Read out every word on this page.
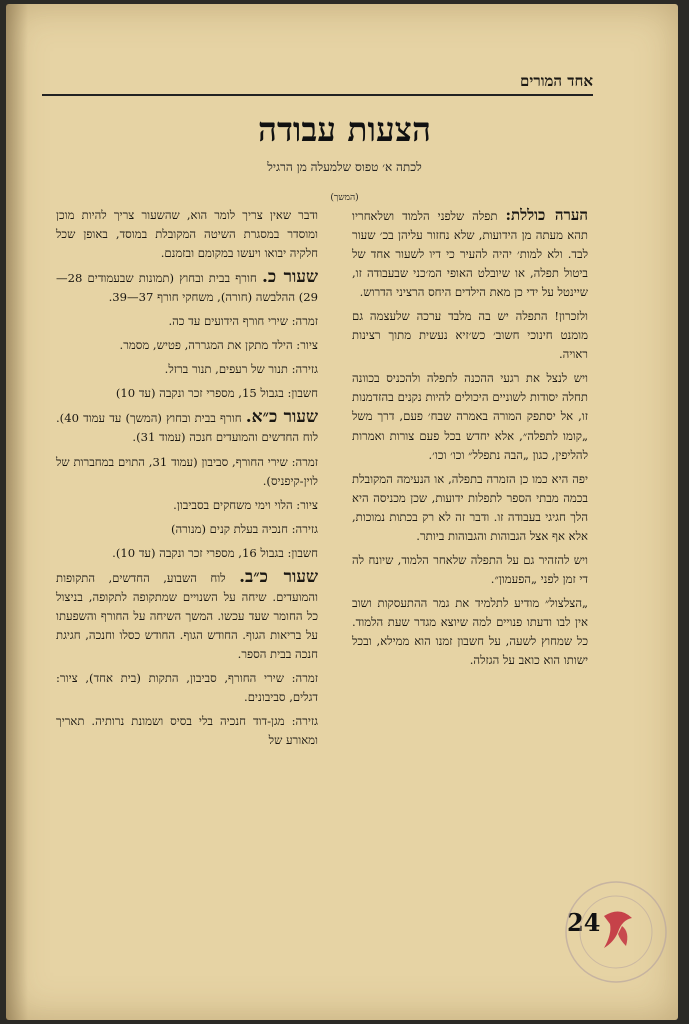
אחד המורים
הצעות עבודה
לכתה א׳ טפוס שלמעלה מן הרגיל
(המשך)

הערה כוללת: תפלה שלפני הלמוד ושלאחריו תהא מעתה מן הידועות, שלא נחזור עליהן בכ׳ שעור לבד. ולא למות׳ יהיה להעיר כי דיו לשעור אחד של ביטול תפלה, או שיובלט האופי המ׳כני שבעבודה זו, שיינטל על ידי כן מאת הילדים היחס הרציני הדרוש.

ולזכרון! התפלה יש בה מלבד ערכה שלעצמה גם מומנט חינוכי חשוב׳ כש׳זיא נעשית מתוך רצינות ראויה.

ויש לנצל את רגעי ההכנה לתפלה ולהכניס בכוונה תחלה יסודות לשוניים היכולים להיות נקנים בהזדמנות זו, אל יסתפק המורה באמרה שבח׳ פעם, דרך משל „קומו לתפלה״, אלא יחדש בכל פעם צורות ואמרות להליפין, כגון „הבה נתפלל״ וכו׳ וכו׳.

יפה היא כמו כן הזמרה בתפלה, או הנעימה המקובלת בכמה מבתי הספר לתפלות ידועות, שכן מכניסה היא הלך חגיגי בעבודה זו. ודבר זה לא רק בכתות נמוכות, אלא אף אצל הגבוהות והגבוהות ביותר.

ויש להזהיר גם על התפלה שלאחר הלמוד, שיונח לה די זמן לפני „הפעמון״.

„הצלצול״ מודיע לתלמיד את גמר ההתעסקות ושוב אין לבו ודעתו פנויים למה שיוצא מגדר שעת הלמוד. כל שמחוץ לשעה, על חשבון זמנו הוא ממילא, ובכל ישותו הוא כואב על הגזלה.

ודבר שאין צריך לומר הוא, שהשעור צריך להיות מוכן ומוסדר במסגרת השיטה המקובלת במוסד, באופן שכל חלקיה יבואו ויעשו במקומם ובזמנם.

שעור כ. חורף בבית ובחוץ (תמונות שבעמודים 28—29) ההלבשה (חורה), משחקי חורף 37—39.

זמרה: שירי חורף הידועים עד כה.

ציור: הילד מתקן את המגררה, פטיש, מסמר.

גזירה: תנור של רעפים, תנור ברזל.

חשבון: בגבול 15, מספרי זכר ונקבה (עד 10)

שעור כ״א. חורף בבית ובחוץ (המשך) עד עמוד 40). לוח החדשים והמועדים חנכה (עמוד 31).

זמרה: שירי החורף, סביבון (עמוד 31, התוים במחברות של לוין-קיפניס).

ציור: הלוי וימי משחקים בסביבון.

גזירה: חנכיה בעלת קנים (מנורה)

חשבון: בגבול 16, מספרי זכר ונקבה (עד 10).

שעור כ״ב. לוח השבוע, החדשים, התקופות והמועדים. שיחה על השנויים שמתקופה לתקופה, בניצול כל החומר שעד עכשו. המשך השיחה על החורף והשפעתו על בריאות הגוף. החודש הגוף. החודש כסלו וחנכה, חגיגת חנכה בבית הספר.

זמרה: שירי החורף, סביבון, התקות (בית אחד), ציור: דגלים, סביבונים.

גזירה: מגן-דוד חנכיה בלי בסיס ושמונת נרותיה. תאריך ומאורע של

24
